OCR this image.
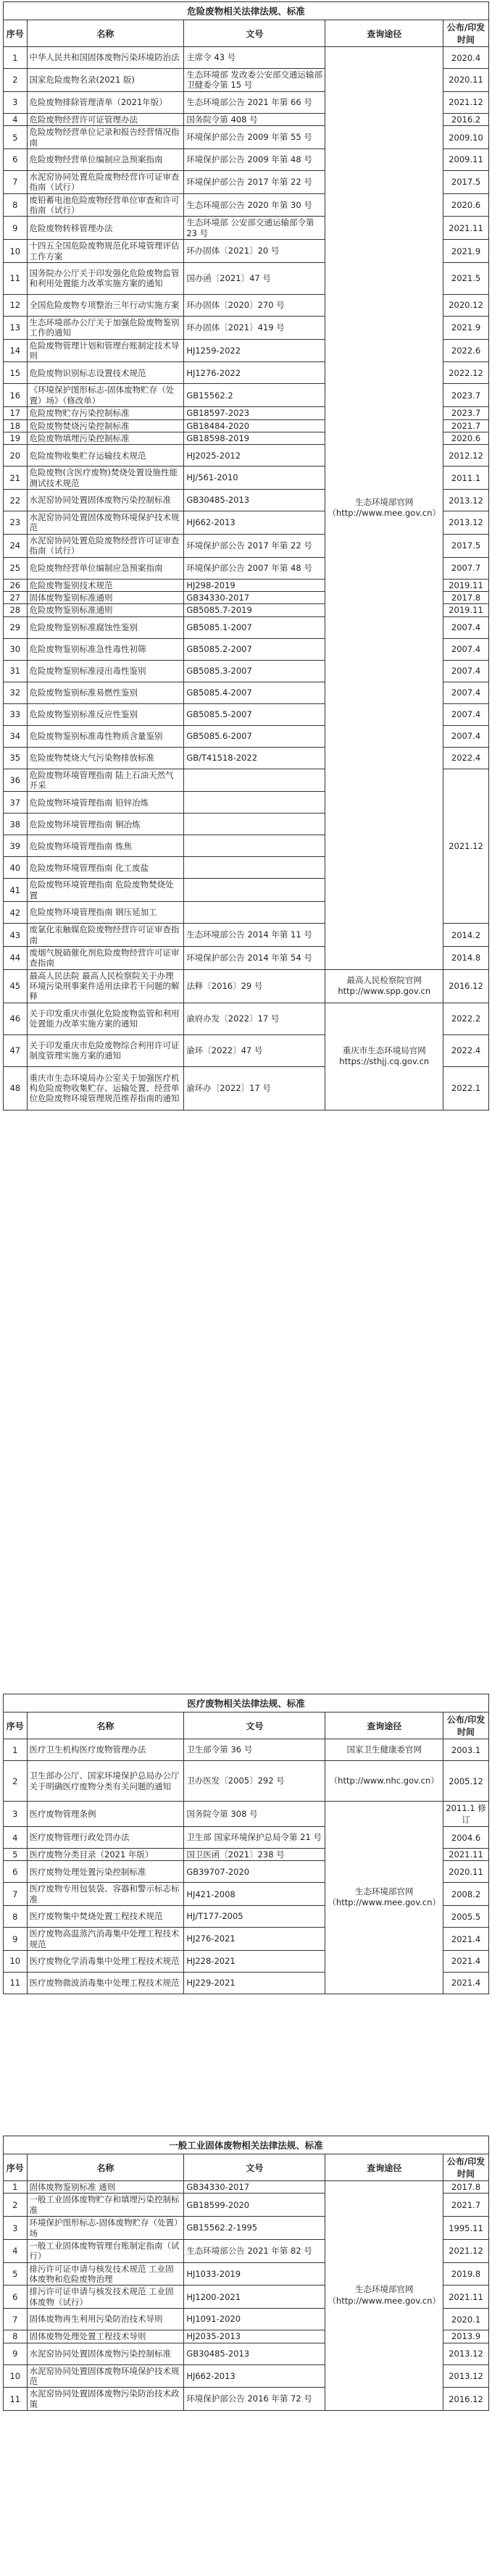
危险废物相关法律法规、标准				
序号	名称	文号	查询途径	公布/印发时间
1	中华人民共和国固体废物污染环境防治法	主席令 43 号	生态环境部官网（http://www.mee.gov.cn）	2020.4
2	国家危险废物名录(2021 版)	生态环境部 发改委公安部交通运输部卫健委令第 15 号		2020.11
3	危险废物排除管理清单（2021年版）	生态环境部公告 2021 年第 66 号		2021.12
4	危险废物经营许可证管理办法	国务院令第 408 号		2016.2
5	危险废物经营单位记录和报告经营情况指南	环境保护部公告 2009 年第 55 号		2009.10
6	危险废物经营单位编制应急预案指南	环境保护部公告 2009 年第 48 号		2009.11
7	水泥窑协同处置危险废物经营许可证审查指南（试行）	环境保护部公告 2017 年第 22 号		2017.5
8	废铅蓄电池危险废物经营单位审查和许可指南（试行）	生态环境部公告 2020 年第 30 号		2020.6
9	危险废物转移管理办法	生态环境部 公安部交通运输部令第 23 号		2021.11
10	十四五全国危险废物规范化环境管理评估工作方案	环办固体〔2021〕20 号		2021.9
11	国务院办公厅关于印发强化危险废物监管和利用处置能力改革实施方案的通知	国办函〔2021〕47 号		2021.5
12	全国危险废物专项整治三年行动实施方案	环办固体〔2020〕270 号		2020.12
13	生态环境部办公厅关于加强危险废物鉴别工作的通知	环办固体〔2021〕419 号		2021.9
14	危险废物管理计划和管理台账制定技术导则	HJ1259-2022		2022.6
15	危险废物识别标志设置技术规范	HJ1276-2022		2022.12
16	《环境保护图形标志-固体废物贮存（处置）场》（修改单）	GB15562.2		2023.7
17	危险废物贮存污染控制标准	GB18597-2023		2023.7
18	危险废物焚烧污染控制标准	GB18484-2020		2021.7
19	危险废物填埋污染控制标准	GB18598-2019		2020.6
20	危险废物收集贮存运输技术规范	HJ2025-2012		2012.12
21	危险废物(含医疗废物)焚烧处置设施性能测试技术规范	HJ/561-2010		2011.1
22	水泥窑协同处置固体废物污染控制标准	GB30485-2013		2013.12
23	水泥窑协同处置固体废物环境保护技术规范	HJ662-2013		2013.12
24	水泥窑协同处置危险废物经营许可证审查指南（试行）	环境保护部公告 2017 年第 22 号		2017.5
25	危险废物经营单位编制应急预案指南	环境保护部公告 2007 年第 48 号		2007.7
26	危险废物鉴别技术规范	HJ298-2019		2019.11
27	固体废物鉴别标准通则	GB34330-2017		2017.8
28	危险废物鉴别标准通则	GB5085.7-2019		2019.11
29	危险废物鉴别标准腐蚀性鉴别	GB5085.1-2007		2007.4
30	危险废物鉴别标准急性毒性初筛	GB5085.2-2007		2007.4
31	危险废物鉴别标准浸出毒性鉴别	GB5085.3-2007		2007.4
32	危险废物鉴别标准易燃性鉴别	GB5085.4-2007		2007.4
33	危险废物鉴别标准反应性鉴别	GB5085.5-2007		2007.4
34	危险废物鉴别标准毒性物质含量鉴别	GB5085.6-2007		2007.4
35	危险废物焚烧大气污染物排放标准	GB/T41518-2022		2022.4
36	危险废物环境管理指南 陆上石油天然气开采			2021.12
37	危险废物环境管理指南 铅锌冶炼			
38	危险废物环境管理指南 铜冶炼			
39	危险废物环境管理指南 炼焦			
40	危险废物环境管理指南 化工废盐			
41	危险废物环境管理指南 危险废物焚烧处置			
42	危险废物环境管理指南 钢压延加工			
43	废氯化汞触媒危险废物经营许可证审查指南	生态环境部公告 2014 年第 11 号		2014.2
44	废烟气脱硝催化剂危险废物经营许可证审查指南	环境保护部公告 2014 年第 54 号		2014.8
45	最高人民法院 最高人民检察院关于办理环境污染刑事案件适用法律若干问题的解释	法释〔2016〕29 号	最高人民检察院官网 http://www.spp.gov.cn	2016.12
46	关于印发重庆市强化危险废物监管和利用处置能力改革实施方案的通知	渝府办发〔2022〕17 号	重庆市生态环境局官网 https://sthjj.cq.gov.cn	2022.2
47	关于印发重庆市危险废物综合利用许可证制度管理实施方案的通知	渝环〔2022〕47 号		2022.4
48	重庆市生态环境局办公室关于加强医疗机构危险废物收集贮存、运输处置、经营单位危险废物环境管理规范推荐指南的通知	渝环办〔2022〕17 号		2022.1
医疗废物相关法律法规、标准				
序号	名称	文号	查询途径	公布/印发时间
1	医疗卫生机构医疗废物管理办法	卫生部令第 36 号	国家卫生健康委官网	2003.1
2	卫生部办公厅、国家环境保护总局办公厅关于明确医疗废物分类有关问题的通知	卫办医发〔2005〕292 号	（http://www.nhc.gov.cn）	2005.12
3	医疗废物管理条例	国务院令第 308 号	生态环境部官网（http://www.mee.gov.cn）	2011.1 修订
4	医疗废物管理行政处罚办法	卫生部 国家环境保护总局令第 21 号		2004.6
5	医疗废物分类目录（2021 年版）	国卫医函〔2021〕238 号		2021.11
6	医疗废物处理处置污染控制标准	GB39707-2020		2020.11
7	医疗废物专用包装袋、容器和警示标志标准	HJ421-2008		2008.2
8	医疗废物集中焚烧处置工程技术规范	HJ/T177-2005		2005.5
9	医疗废物高温蒸汽消毒集中处理工程技术规范	HJ276-2021		2021.4
10	医疗废物化学消毒集中处理工程技术规范	HJ228-2021		2021.4
11	医疗废物微波消毒集中处理工程技术规范	HJ229-2021		2021.4
一般工业固体废物相关法律法规、标准				
序号	名称	文号	查询途径	公布/印发时间
1	固体废物鉴别标准 通则	GB34330-2017	生态环境部官网（http://www.mee.gov.cn）	2017.8
2	一般工业固体废物贮存和填埋污染控制标准	GB18599-2020		2021.7
3	环境保护图形标志-固体废物贮存（处置）场	GB15562.2-1995		1995.11
4	一般工业固体废物管理台账制定指南（试行）	生态环境部公告 2021 年第 82 号		2021.12
5	排污许可证申请与核发技术规范 工业固体废物和危险废物治理	HJ1033-2019		2019.8
6	排污许可证申请与核发技术规范 工业固体废物（试行）	HJ1200-2021		2021.11
7	固体废物再生利用污染防治技术导则	HJ1091-2020		2020.1
8	固体废物处理处置工程技术导则	HJ2035-2013		2013.9
9	水泥窑协同处置固体废物污染控制标准	GB30485-2013		2013.12
10	水泥窑协同处置固体废物环境保护技术规范	HJ662-2013		2013.12
11	水泥窑协同处置固体废物污染防治技术政策	环境保护部公告 2016 年第 72 号		2016.12
